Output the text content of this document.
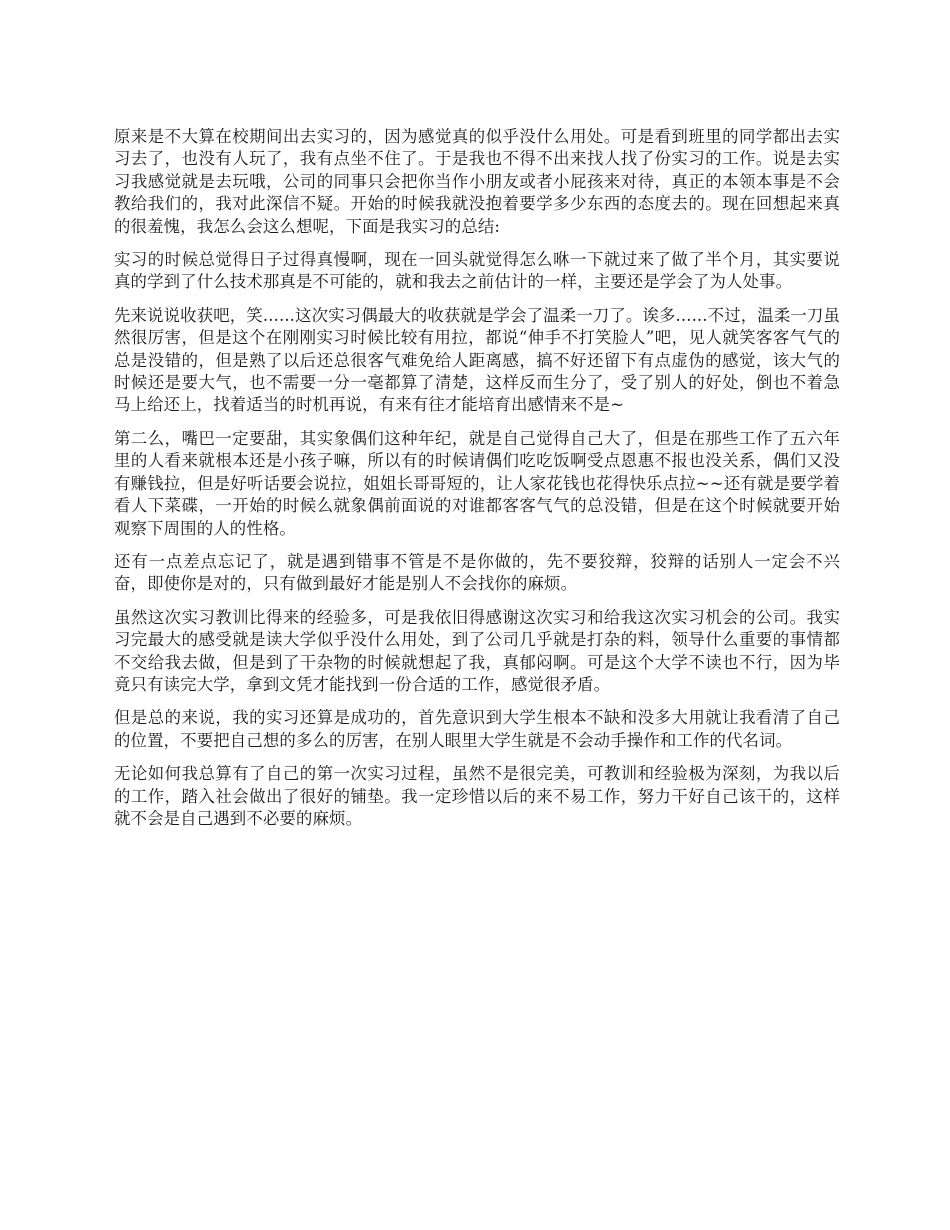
原来是不大算在校期间出去实习的，因为感觉真的似乎没什么用处。可是看到班里的同学都出去实习去了，也没有人玩了，我有点坐不住了。于是我也不得不出来找人找了份实习的工作。说是去实习我感觉就是去玩哦，公司的同事只会把你当作小朋友或者小屁孩来对待，真正的本领本事是不会教给我们的，我对此深信不疑。开始的时候我就没抱着要学多少东西的态度去的。现在回想起来真的很羞愧，我怎么会这么想呢，下面是我实习的总结:

实习的时候总觉得日子过得真慢啊，现在一回头就觉得怎么咻一下就过来了做了半个月，其实要说真的学到了什么技术那真是不可能的，就和我去之前估计的一样，主要还是学会了为人处事。

先来说说收获吧，笑......这次实习偶最大的收获就是学会了温柔一刀了。诶多......不过，温柔一刀虽然很厉害，但是这个在刚刚实习时候比较有用拉，都说“伸手不打笑脸人”吧，见人就笑客客气气的总是没错的，但是熟了以后还总很客气难免给人距离感，搞不好还留下有点虚伪的感觉，该大气的时候还是要大气，也不需要一分一毫都算了清楚，这样反而生分了，受了别人的好处，倒也不着急马上给还上，找着适当的时机再说，有来有往才能培育出感情来不是~

第二么，嘴巴一定要甜，其实象偶们这种年纪，就是自己觉得自己大了，但是在那些工作了五六年里的人看来就根本还是小孩子嘛，所以有的时候请偶们吃吃饭啊受点恩惠不报也没关系，偶们又没有赚钱拉，但是好听话要会说拉，姐姐长哥哥短的，让人家花钱也花得快乐点拉~~还有就是要学着看人下菜碟，一开始的时候么就象偶前面说的对谁都客客气气的总没错，但是在这个时候就要开始观察下周围的人的性格。

还有一点差点忘记了，就是遇到错事不管是不是你做的，先不要狡辩，狡辩的话别人一定会不兴奋，即使你是对的，只有做到最好才能是别人不会找你的麻烦。

虽然这次实习教训比得来的经验多，可是我依旧得感谢这次实习和给我这次实习机会的公司。我实习完最大的感受就是读大学似乎没什么用处，到了公司几乎就是打杂的料，领导什么重要的事情都不交给我去做，但是到了干杂物的时候就想起了我，真郁闷啊。可是这个大学不读也不行，因为毕竟只有读完大学，拿到文凭才能找到一份合适的工作，感觉很矛盾。

但是总的来说，我的实习还算是成功的，首先意识到大学生根本不缺和没多大用就让我看清了自己的位置，不要把自己想的多么的厉害，在别人眼里大学生就是不会动手操作和工作的代名词。

无论如何我总算有了自己的第一次实习过程，虽然不是很完美，可教训和经验极为深刻，为我以后的工作，踏入社会做出了很好的铺垫。我一定珍惜以后的来不易工作，努力干好自己该干的，这样就不会是自己遇到不必要的麻烦。
